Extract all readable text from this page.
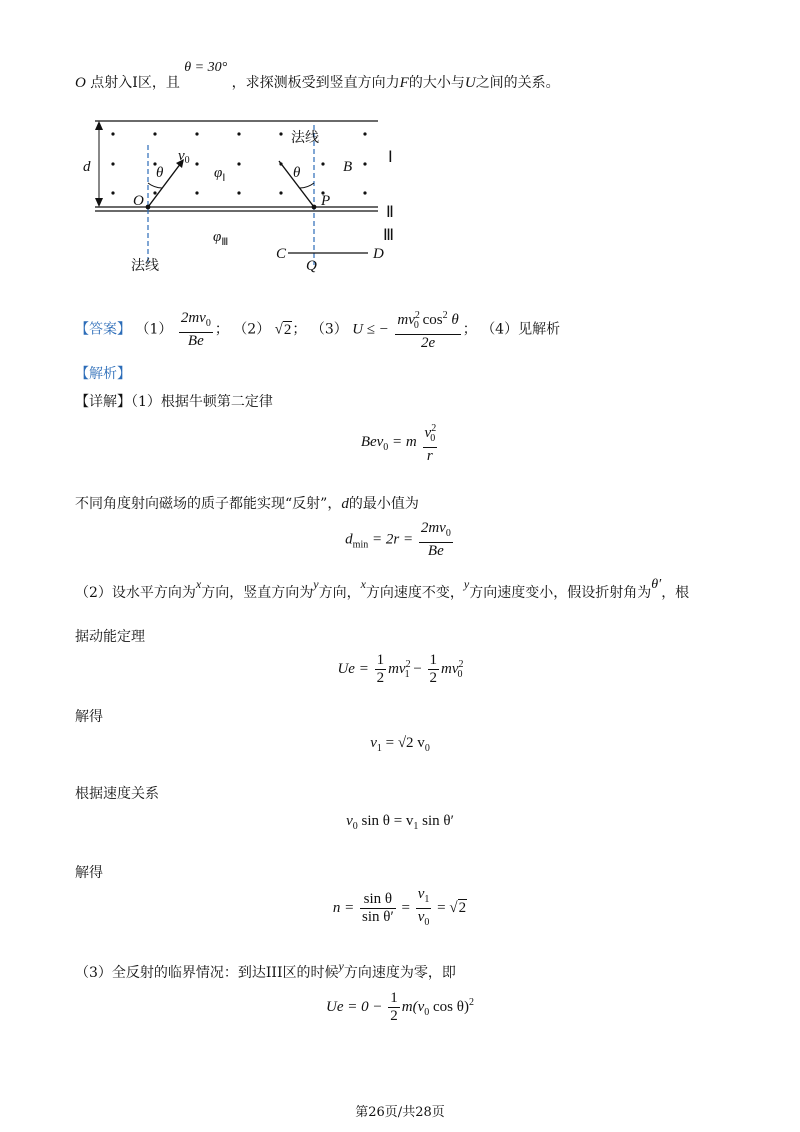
O 点射入I区，且 θ = 30° ，求探测板受到竖直方向力F的大小与U之间的关系。
d
法线
法线
$v_0$
θ	θ
$\varphi_Ⅰ$
$\varphi_Ⅲ$
B
O	P
C
Q
D
Ⅰ
Ⅱ
Ⅲ
【答案】 $(1) \frac{2mv_0}{Be}$ ； （2） √2； （3） U ≤ − $\frac{mv^2_0 \cos^2 \theta}{2e}$ ； （4）见解析
【解析】
【详解】（1）根据牛顿第二定律
Bev$_0$ = m $\frac{v^2_0}{r}$
不同角度射向磁场的质子都能实现“反射”，d的最小值为
$d_{min} = 2r = \frac{2mv_0}{Be}$
（2）设水平方向为x方向，竖直方向为y方向，x方向速度不变，y方向速度变小，假设折射角为θ′，根
据动能定理
$Ue = \frac{1}{2} mv^2_1 - \frac{1}{2} mv^2_0$
解得
$v_1 = √2$ $v_0$
根据速度关系
$v_0$ $\sin \theta = v_1$ sin θ′
解得
$n = \frac{\text{sin θ}}{\text{sin θ′}} = \frac{v_1}{v_0} = √2$
（3）全反射的临界情况：到达III区的时候y方向速度为零，即
$Ue = 0 - \frac{1}{2} m(v_0$ cos θ)$^2$
第26页/共28页
